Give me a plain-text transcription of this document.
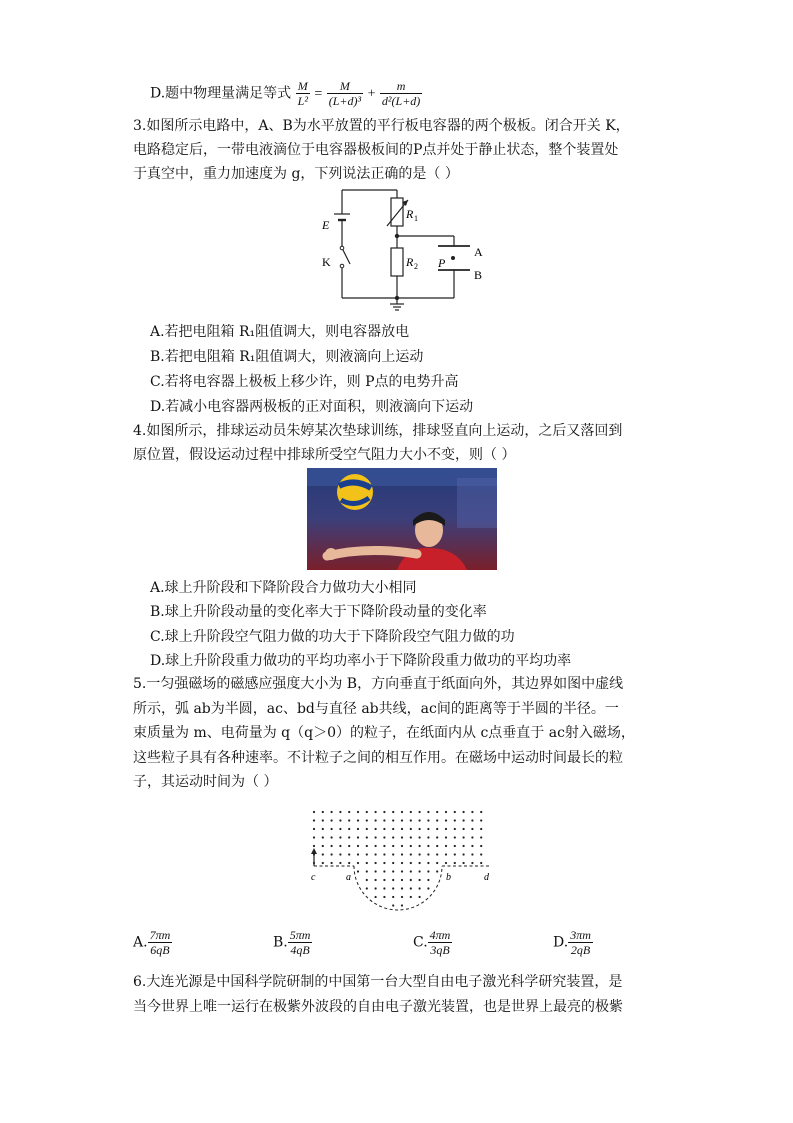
D.题中物理量满足等式 $\frac{M}{\text{L²}} = \frac{M}{\text{(L+d)³}} + \frac{m}{\text{d²(L+d)}}$
3.如图所示电路中，A、B为水平放置的平行板电容器的两个极板。闭合开关 K，
电路稳定后，一带电液滴位于电容器极板间的P点并处于静止状态，整个装置处
于真空中，重力加速度为 g，下列说法正确的是（ ）
E
K
R 1
R 2
A
B
P
A.若把电阻箱 R₁阻值调大，则电容器放电
B.若把电阻箱 R₁阻值调大，则液滴向上运动
C.若将电容器上极板上移少许，则 P点的电势升高
D.若减小电容器两极板的正对面积，则液滴向下运动
4.如图所示，排球运动员朱婷某次垫球训练，排球竖直向上运动，之后又落回到
原位置，假设运动过程中排球所受空气阻力大小不变，则（ ）
A.球上升阶段和下降阶段合力做功大小相同
B.球上升阶段动量的变化率大于下降阶段动量的变化率
C.球上升阶段空气阻力做的功大于下降阶段空气阻力做的功
D.球上升阶段重力做功的平均功率小于下降阶段重力做功的平均功率
5.一匀强磁场的磁感应强度大小为 B，方向垂直于纸面向外，其边界如图中虚线
所示，弧 ab为半圆，ac、bd与直径 ab共线，ac间的距离等于半圆的半径。一
束质量为 m、电荷量为 q（q＞0）的粒子，在纸面内从 c点垂直于 ac射入磁场，
这些粒子具有各种速率。不计粒子之间的相互作用。在磁场中运动时间最长的粒
子，其运动时间为（ ）
c	a	b	d
A. $\frac{7\pi m}{6qB}$	B. $\frac{5\pi m}{4qB}$	C. $\frac{4\pi m}{3qB}$	D. $\frac{3\pi m}{2qB}$
6.大连光源是中国科学院研制的中国第一台大型自由电子激光科学研究装置，是
当今世界上唯一运行在极紫外波段的自由电子激光装置，也是世界上最亮的极紫
